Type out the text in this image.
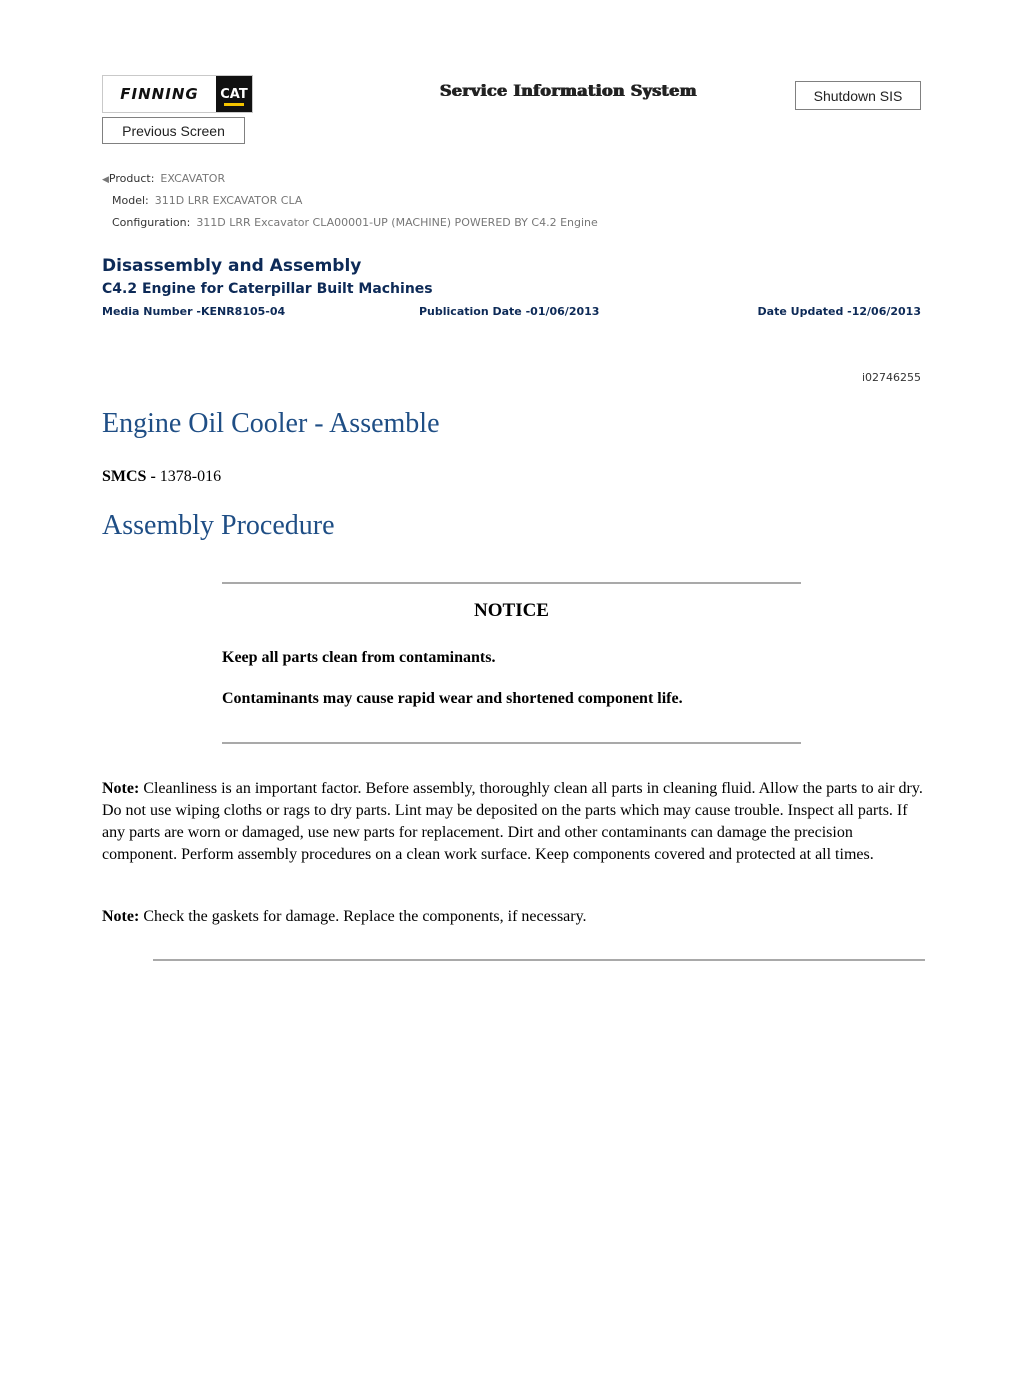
FINNING	CAT	Service Information System	Shutdown SIS
Previous Screen
◀Product: EXCAVATOR
Model: 311D LRR EXCAVATOR CLA
Configuration: 311D LRR Excavator CLA00001-UP (MACHINE) POWERED BY C4.2 Engine
Disassembly and Assembly
C4.2 Engine for Caterpillar Built Machines
Media Number -KENR8105-04	Publication Date -01/06/2013	Date Updated -12/06/2013
i02746255
Engine Oil Cooler - Assemble
SMCS - 1378-016
Assembly Procedure
NOTICE
Keep all parts clean from contaminants.
Contaminants may cause rapid wear and shortened component life.
Note: Cleanliness is an important factor. Before assembly, thoroughly clean all parts in cleaning fluid. Allow the parts to air dry. Do not use wiping cloths or rags to dry parts. Lint may be deposited on the parts which may cause trouble. Inspect all parts. If any parts are worn or damaged, use new parts for replacement. Dirt and other contaminants can damage the precision component. Perform assembly procedures on a clean work surface. Keep components covered and protected at all times.
Note: Check the gaskets for damage. Replace the components, if necessary.
